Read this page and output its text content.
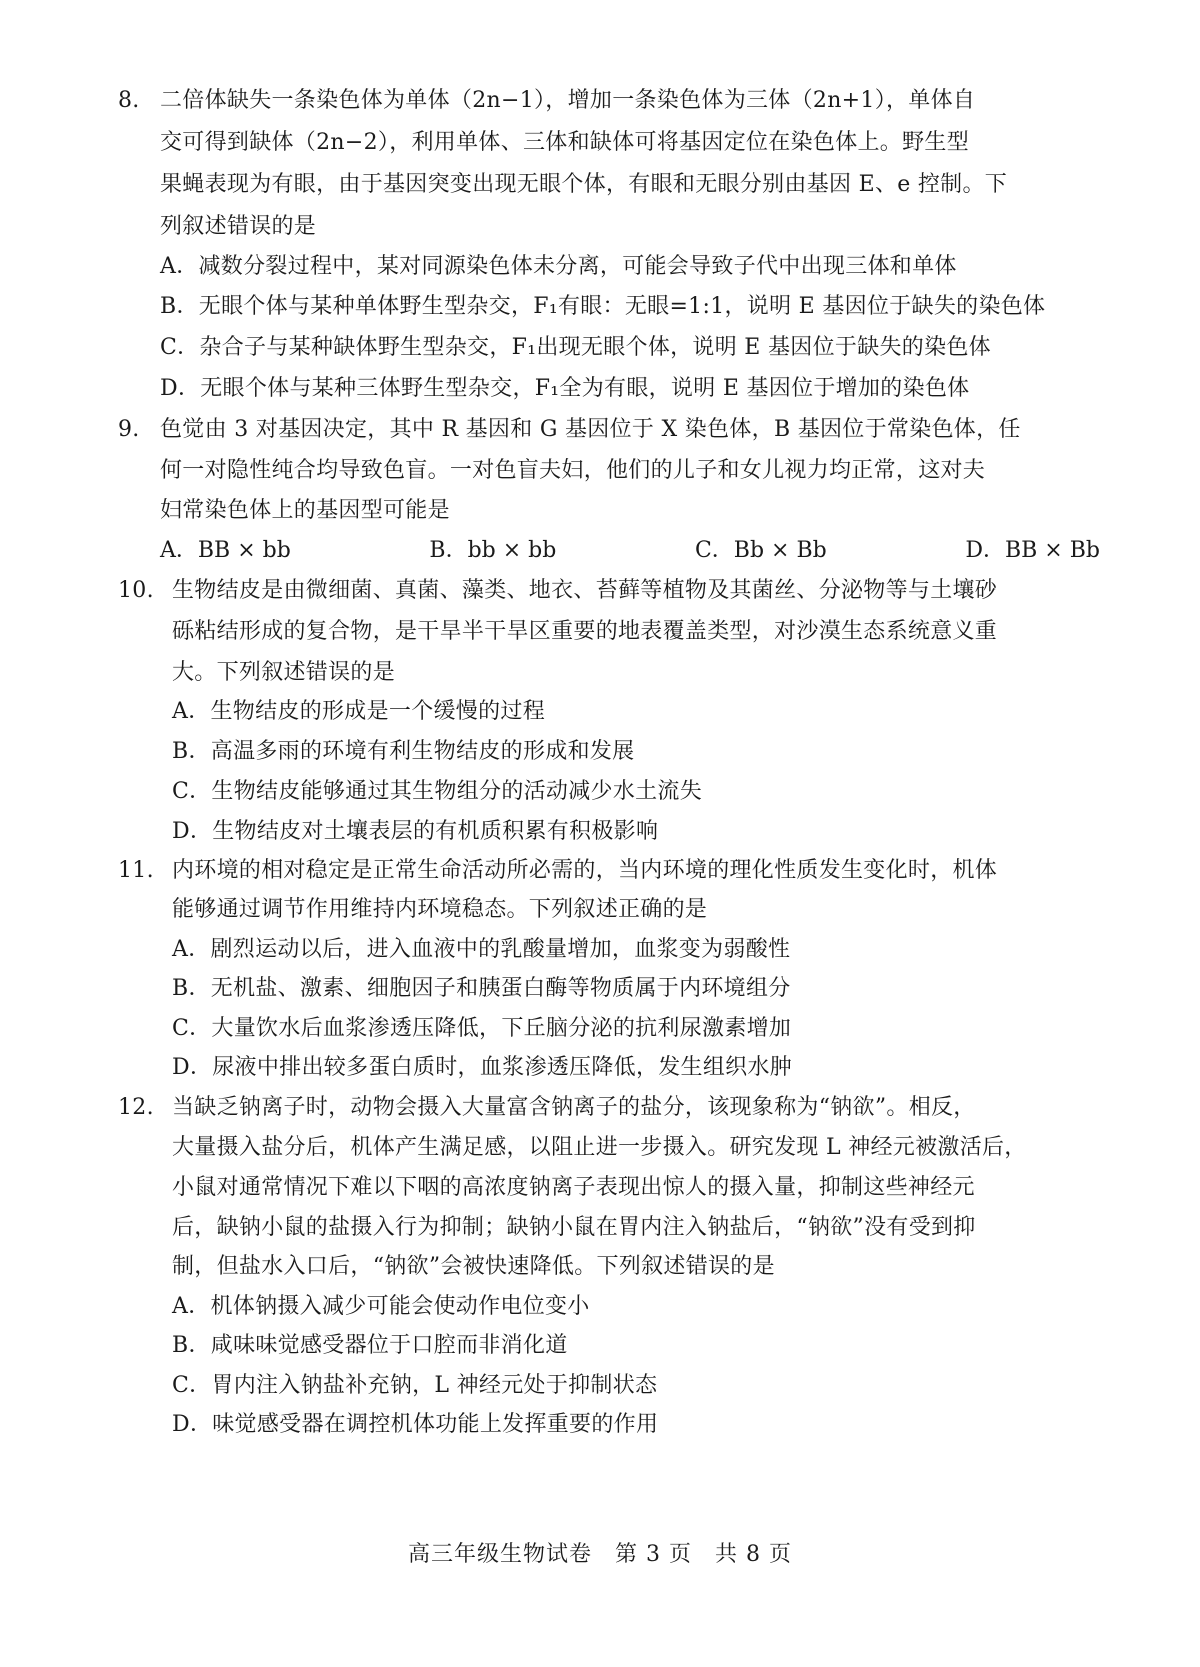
8. 二倍体缺失一条染色体为单体（2n−1），增加一条染色体为三体（2n+1），单体自
交可得到缺体（2n−2），利用单体、三体和缺体可将基因定位在染色体上。野生型
果蝇表现为有眼，由于基因突变出现无眼个体，有眼和无眼分别由基因 E、e 控制。下
列叙述错误的是
A．减数分裂过程中，某对同源染色体未分离，可能会导致子代中出现三体和单体
B．无眼个体与某种单体野生型杂交，F₁有眼：无眼=1:1，说明 E 基因位于缺失的染色体
C．杂合子与某种缺体野生型杂交，F₁出现无眼个体，说明 E 基因位于缺失的染色体
D．无眼个体与某种三体野生型杂交，F₁全为有眼，说明 E 基因位于增加的染色体
9. 色觉由 3 对基因决定，其中 R 基因和 G 基因位于 X 染色体，B 基因位于常染色体，任
何一对隐性纯合均导致色盲。一对色盲夫妇，他们的儿子和女儿视力均正常，这对夫
妇常染色体上的基因型可能是
A．BB × bb	B．bb × bb	C．Bb × Bb	D．BB × Bb
10. 生物结皮是由微细菌、真菌、藻类、地衣、苔藓等植物及其菌丝、分泌物等与土壤砂
砾粘结形成的复合物，是干旱半干旱区重要的地表覆盖类型，对沙漠生态系统意义重
大。下列叙述错误的是
A．生物结皮的形成是一个缓慢的过程
B．高温多雨的环境有利生物结皮的形成和发展
C．生物结皮能够通过其生物组分的活动减少水土流失
D．生物结皮对土壤表层的有机质积累有积极影响
11. 内环境的相对稳定是正常生命活动所必需的，当内环境的理化性质发生变化时，机体
能够通过调节作用维持内环境稳态。下列叙述正确的是
A．剧烈运动以后，进入血液中的乳酸量增加，血浆变为弱酸性
B．无机盐、激素、细胞因子和胰蛋白酶等物质属于内环境组分
C．大量饮水后血浆渗透压降低，下丘脑分泌的抗利尿激素增加
D．尿液中排出较多蛋白质时，血浆渗透压降低，发生组织水肿
12. 当缺乏钠离子时，动物会摄入大量富含钠离子的盐分，该现象称为“钠欲”。相反，
大量摄入盐分后，机体产生满足感，以阻止进一步摄入。研究发现 L 神经元被激活后，
小鼠对通常情况下难以下咽的高浓度钠离子表现出惊人的摄入量，抑制这些神经元
后，缺钠小鼠的盐摄入行为抑制；缺钠小鼠在胃内注入钠盐后，“钠欲”没有受到抑
制，但盐水入口后，“钠欲”会被快速降低。下列叙述错误的是
A．机体钠摄入减少可能会使动作电位变小
B．咸味味觉感受器位于口腔而非消化道
C．胃内注入钠盐补充钠，L 神经元处于抑制状态
D．味觉感受器在调控机体功能上发挥重要的作用
高三年级生物试卷　第 3 页　共 8 页
